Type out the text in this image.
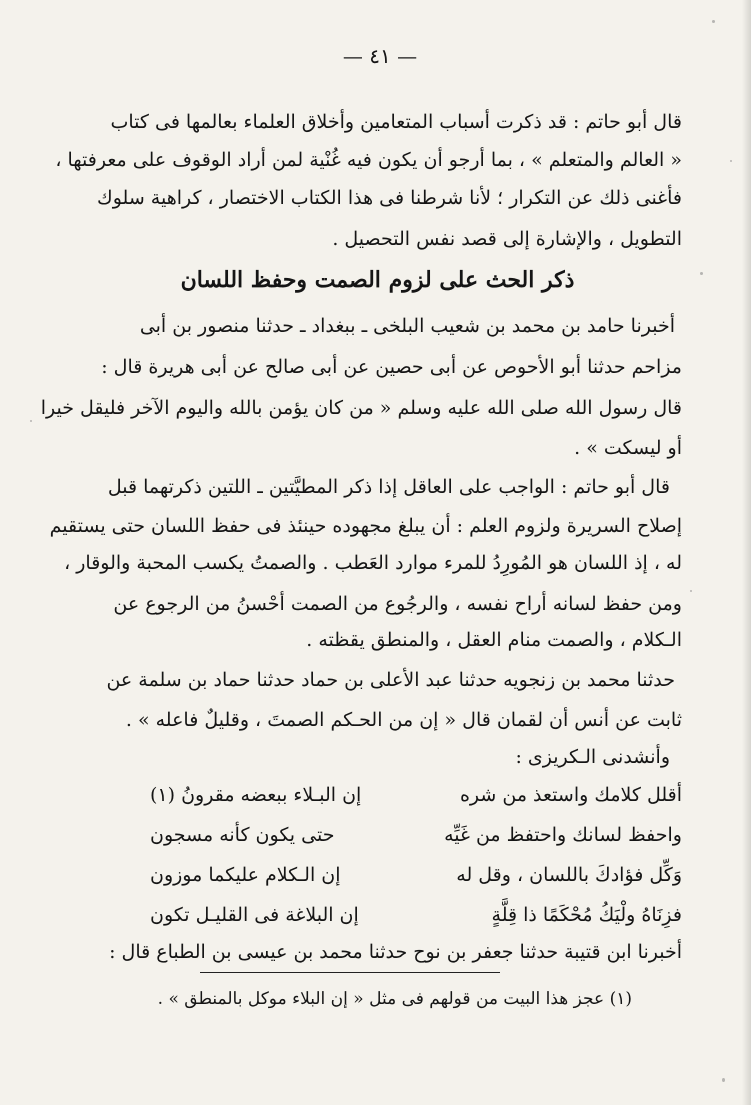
— ٤١ —
قال أبو حاتم : قد ذكرت أسباب المتعامين وأخلاق العلماء بعالمها فى كتاب
« العالم والمتعلم » ، بما أرجو أن يكون فيه غُنْية لمن أراد الوقوف على معرفتها ،
فأغنى ذلك عن التكرار ؛ لأنا شرطنا فى هذا الكتاب الاختصار ، كراهية سلوك
التطويل ، والإشارة إلى قصد نفس التحصيل .
ذكر الحث على لزوم الصمت وحفظ اللسان
أخبرنا حامد بن محمد بن شعيب البلخى ـ ببغداد ـ حدثنا منصور بن أبى
مزاحم حدثنا أبو الأحوص عن أبى حصين عن أبى صالح عن أبى هريرة قال :
قال رسول الله صلى الله عليه وسلم « من كان يؤمن بالله واليوم الآخر فليقل خيرا
أو ليسكت » .
قال أبو حاتم : الواجب على العاقل إذا ذكر المطيَّتين ـ اللتين ذكرتهما قبل
إصلاح السريرة ولزوم العلم : أن يبلغ مجهوده حينئذ فى حفظ اللسان حتى يستقيم
له ، إذ اللسان هو المُورِدُ للمرء موارد العَطب . والصمتُ يكسب المحبة والوقار ،
ومن حفظ لسانه أراح نفسه ، والرجُوع من الصمت أحْسنُ من الرجوع عن
الـكلام ، والصمت منام العقل ، والمنطق يقظته .
حدثنا محمد بن زنجويه حدثنا عبد الأعلى بن حماد حدثنا حماد بن سلمة عن
ثابت عن أنس أن لقمان قال « إن من الحـكم الصمتَ ، وقليلٌ فاعله » .
وأنشدنى الـكريزى :
أقلل كلامك واستعذ من شره
إن البـلاء ببعضه مقرونُ (١)
واحفظ لسانك واحتفظ من غَيِّه
حتى يكون كأنه مسجون
وَكِّل فؤادكَ باللسان ، وقل له
إن الـكلام عليكما موزون
فزِنَاهُ ولْيَكُ مُحْكَمًا ذا قِلَّةٍ
إن البلاغة فى القليـل تكون
أخبرنا ابن قتيبة حدثنا جعفر بن نوح حدثنا محمد بن عيسى بن الطباع قال :
(١) عجز هذا البيت من قولهم فى مثل « إن البلاء موكل بالمنطق » .
